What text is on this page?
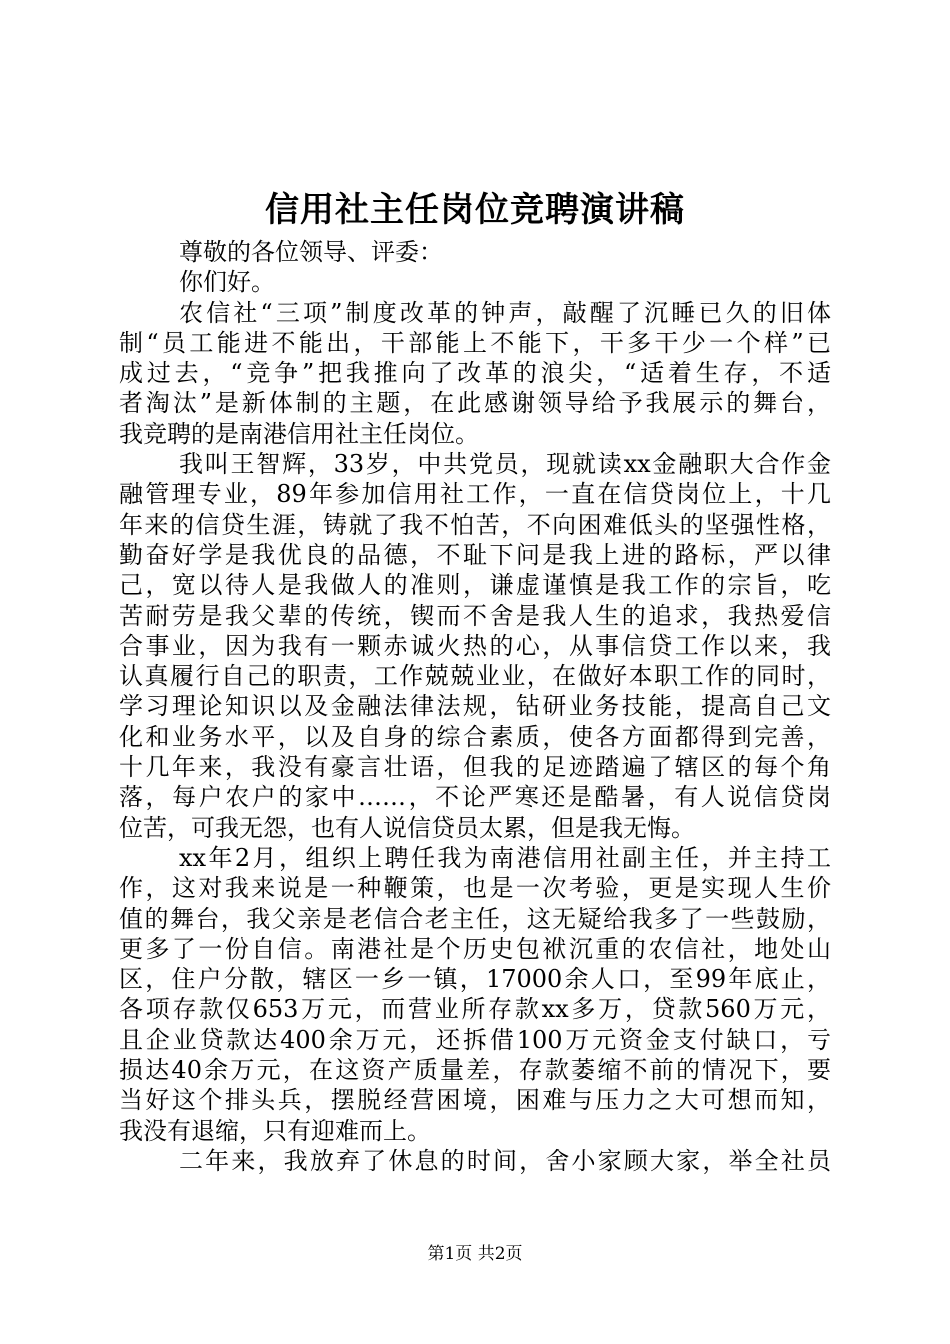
信用社主任岗位竞聘演讲稿
尊敬的各位领导、评委：
你们好。
农信社“三项”制度改革的钟声，敲醒了沉睡已久的旧体
制“员工能进不能出，干部能上不能下，干多干少一个样”已
成过去，“竞争”把我推向了改革的浪尖，“适着生存，不适
者淘汰”是新体制的主题，在此感谢领导给予我展示的舞台，
我竞聘的是南港信用社主任岗位。
我叫王智辉，33岁，中共党员，现就读xx金融职大合作金
融管理专业，89年参加信用社工作，一直在信贷岗位上，十几
年来的信贷生涯，铸就了我不怕苦，不向困难低头的坚强性格，
勤奋好学是我优良的品德，不耻下问是我上进的路标，严以律
己，宽以待人是我做人的准则，谦虚谨慎是我工作的宗旨，吃
苦耐劳是我父辈的传统，锲而不舍是我人生的追求，我热爱信
合事业，因为我有一颗赤诚火热的心，从事信贷工作以来，我
认真履行自己的职责，工作兢兢业业，在做好本职工作的同时，
学习理论知识以及金融法律法规，钻研业务技能，提高自己文
化和业务水平，以及自身的综合素质，使各方面都得到完善，
十几年来，我没有豪言壮语，但我的足迹踏遍了辖区的每个角
落，每户农户的家中……，不论严寒还是酷暑，有人说信贷岗
位苦，可我无怨，也有人说信贷员太累，但是我无悔。
xx年2月，组织上聘任我为南港信用社副主任，并主持工
作，这对我来说是一种鞭策，也是一次考验，更是实现人生价
值的舞台，我父亲是老信合老主任，这无疑给我多了一些鼓励，
更多了一份自信。南港社是个历史包袱沉重的农信社，地处山
区，住户分散，辖区一乡一镇，17000余人口，至99年底止，
各项存款仅653万元，而营业所存款xx多万，贷款560万元，
且企业贷款达400余万元，还拆借100万元资金支付缺口，亏
损达40余万元，在这资产质量差，存款萎缩不前的情况下，要
当好这个排头兵，摆脱经营困境，困难与压力之大可想而知，
我没有退缩，只有迎难而上。
二年来，我放弃了休息的时间，舍小家顾大家，举全社员
第1页 共2页
